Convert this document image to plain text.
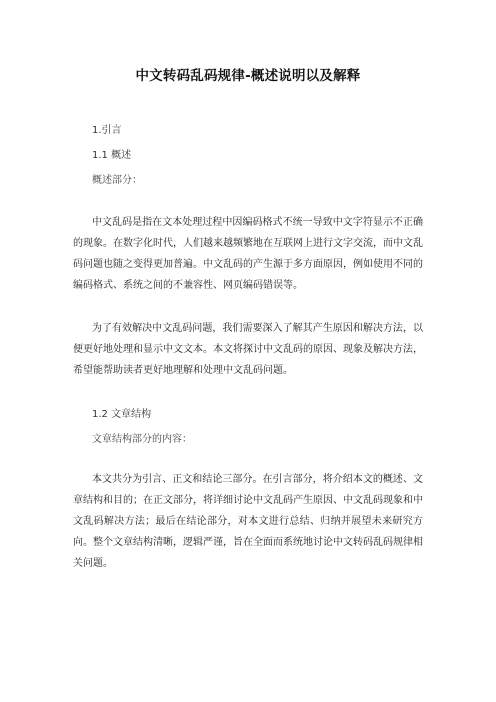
中文转码乱码规律-概述说明以及解释
1.引言
1.1 概述
概述部分：

中文乱码是指在文本处理过程中因编码格式不统一导致中文字符显示不正确的现象。在数字化时代，人们越来越频繁地在互联网上进行文字交流，而中文乱码问题也随之变得更加普遍。中文乱码的产生源于多方面原因，例如使用不同的编码格式、系统之间的不兼容性、网页编码错误等。

为了有效解决中文乱码问题，我们需要深入了解其产生原因和解决方法，以便更好地处理和显示中文文本。本文将探讨中文乱码的原因、现象及解决方法，希望能帮助读者更好地理解和处理中文乱码问题。

1.2 文章结构
文章结构部分的内容：

本文共分为引言、正文和结论三部分。在引言部分，将介绍本文的概述、文章结构和目的；在正文部分，将详细讨论中文乱码产生原因、中文乱码现象和中文乱码解决方法；最后在结论部分，对本文进行总结、归纳并展望未来研究方向。整个文章结构清晰，逻辑严谨，旨在全面而系统地讨论中文转码乱码规律相关问题。
